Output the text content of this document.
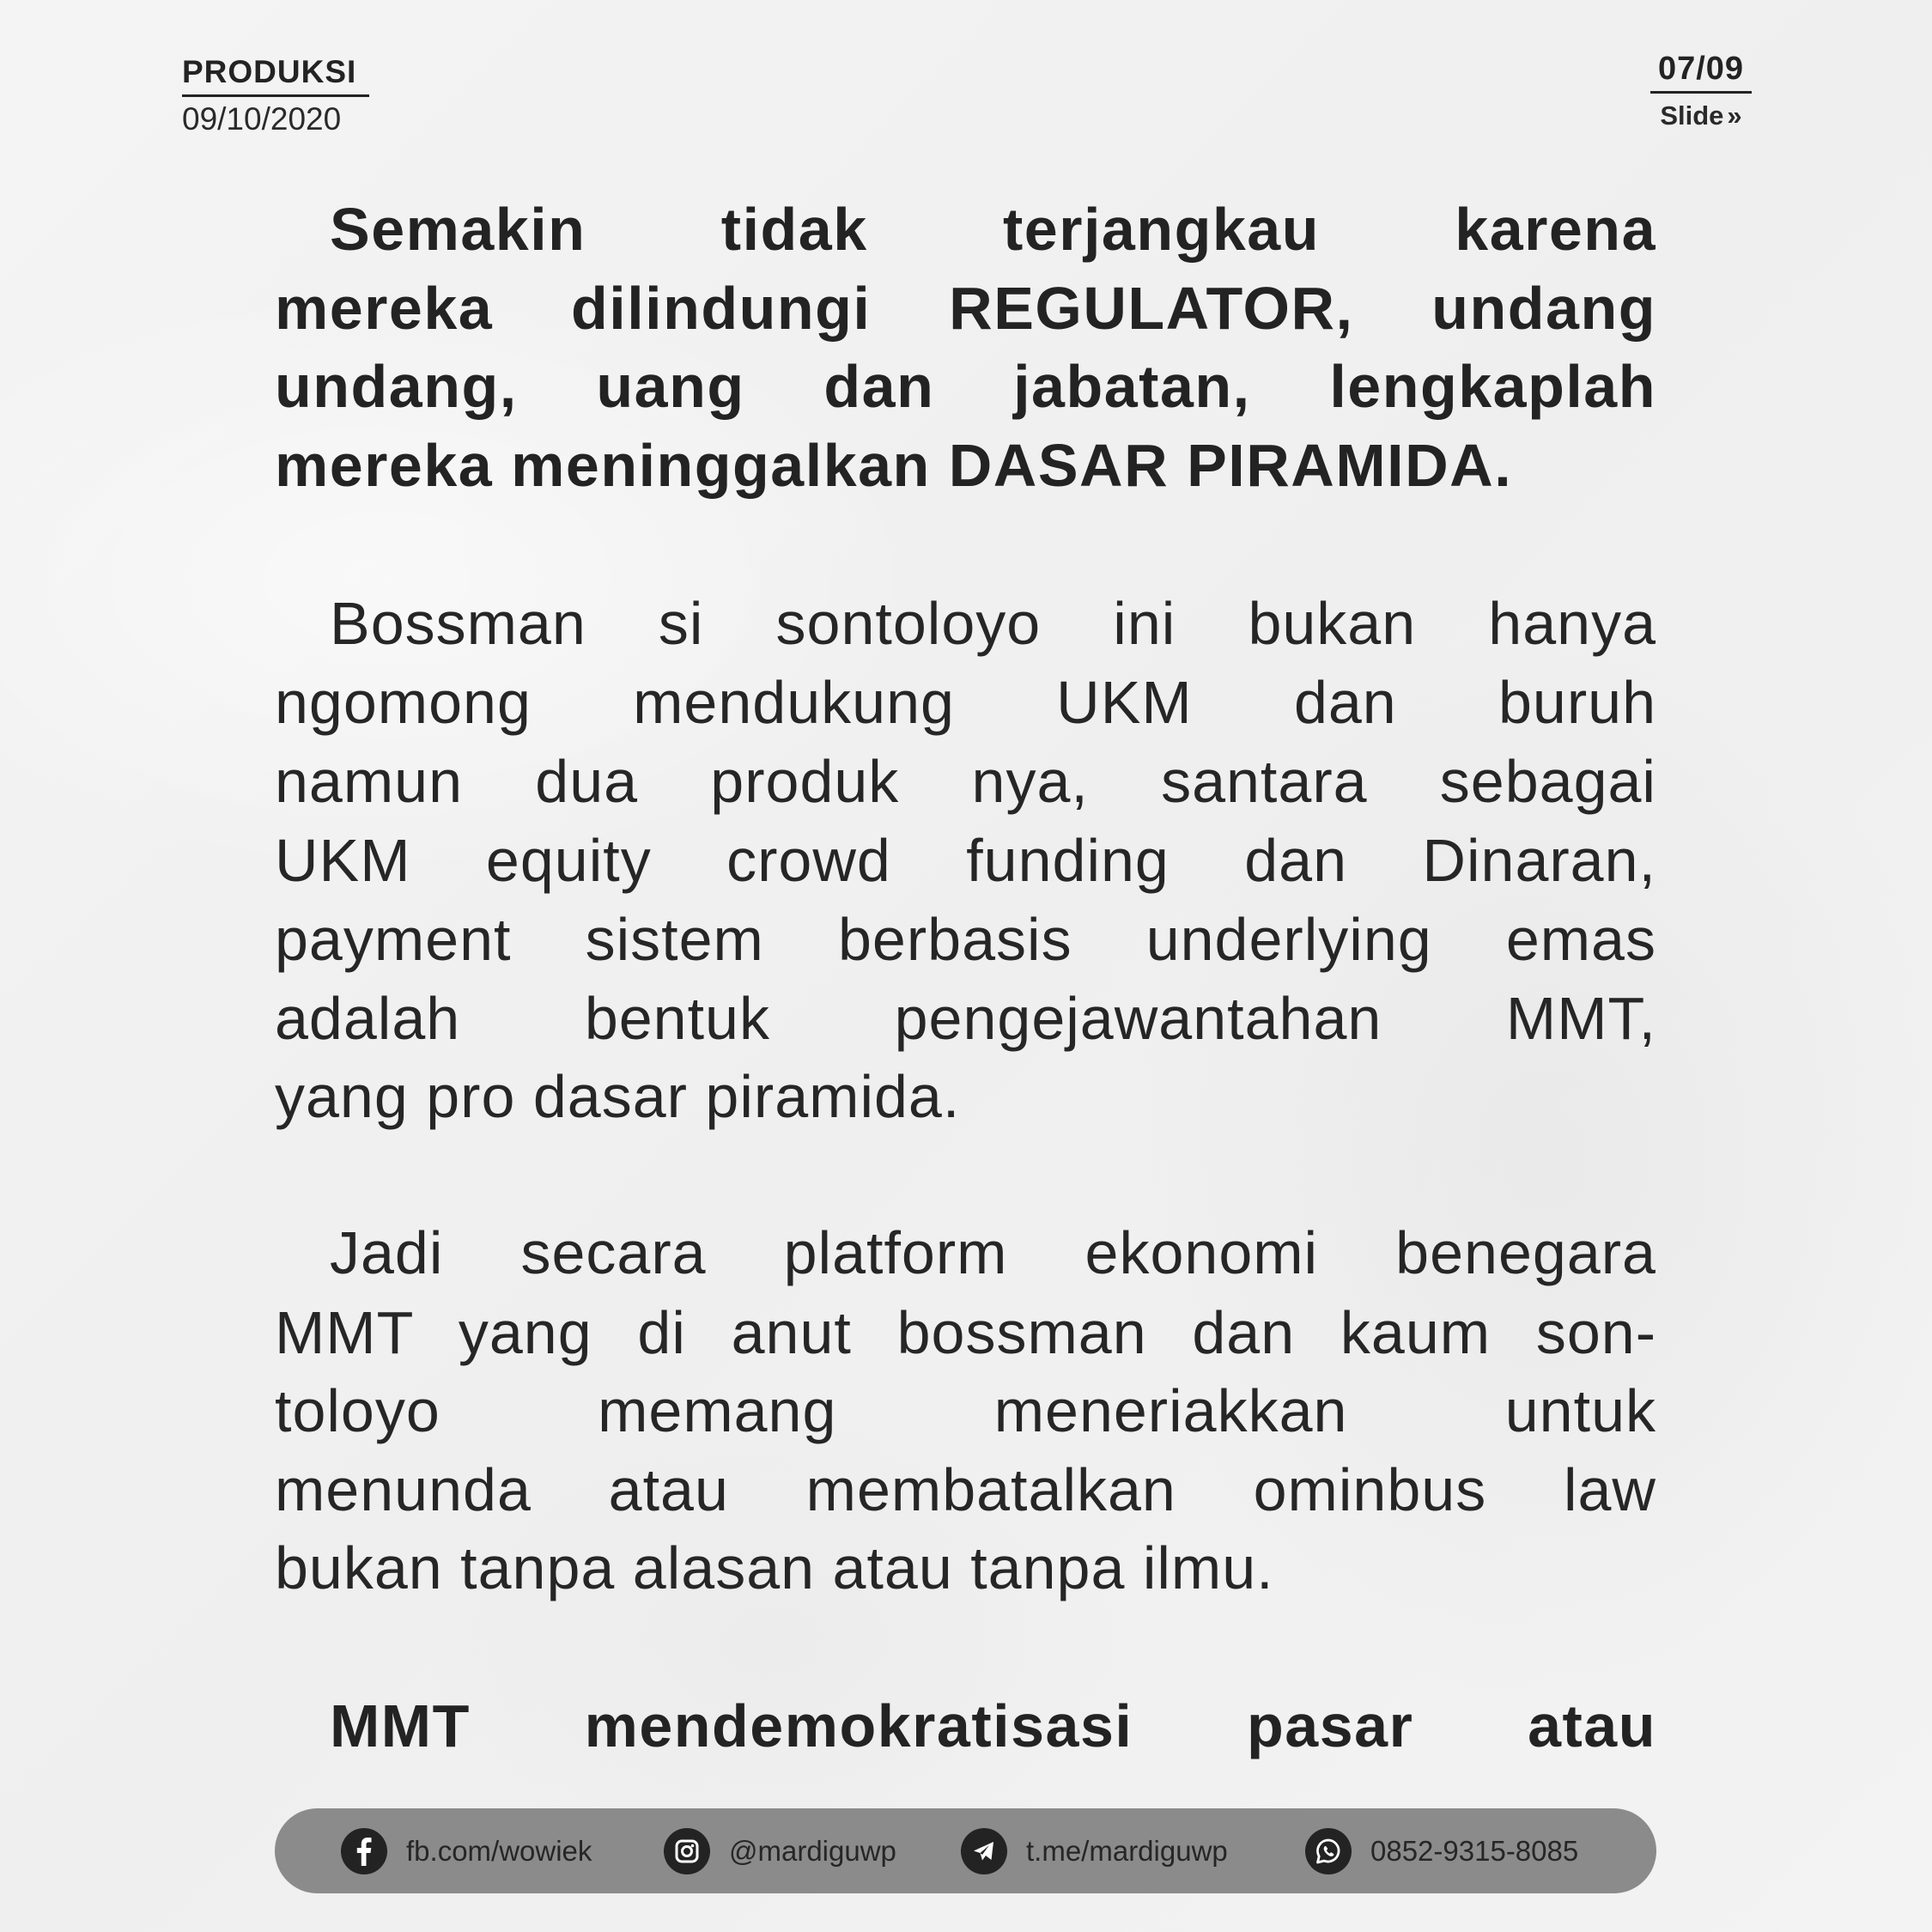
PRODUKSI
09/10/2020
07/09
Slide »
Semakin tidak terjangkau karena
mereka dilindungi REGULATOR, undang
undang, uang dan jabatan, lengkaplah
mereka meninggalkan DASAR PIRAMIDA.
Bossman si sontoloyo ini bukan hanya
ngomong mendukung UKM dan buruh
namun dua produk nya, santara sebagai
UKM equity crowd funding dan Dinaran,
payment sistem berbasis underlying emas
adalah bentuk pengejawantahan MMT,
yang pro dasar piramida.
Jadi secara platform ekonomi benegara
MMT yang di anut bossman dan kaum son-
toloyo memang meneriakkan untuk
menunda atau membatalkan ominbus law
bukan tanpa alasan atau tanpa ilmu.
MMT mendemokratisasi pasar atau
fb.com/wowiek	@mardiguwp	t.me/mardiguwp	0852-9315-8085
